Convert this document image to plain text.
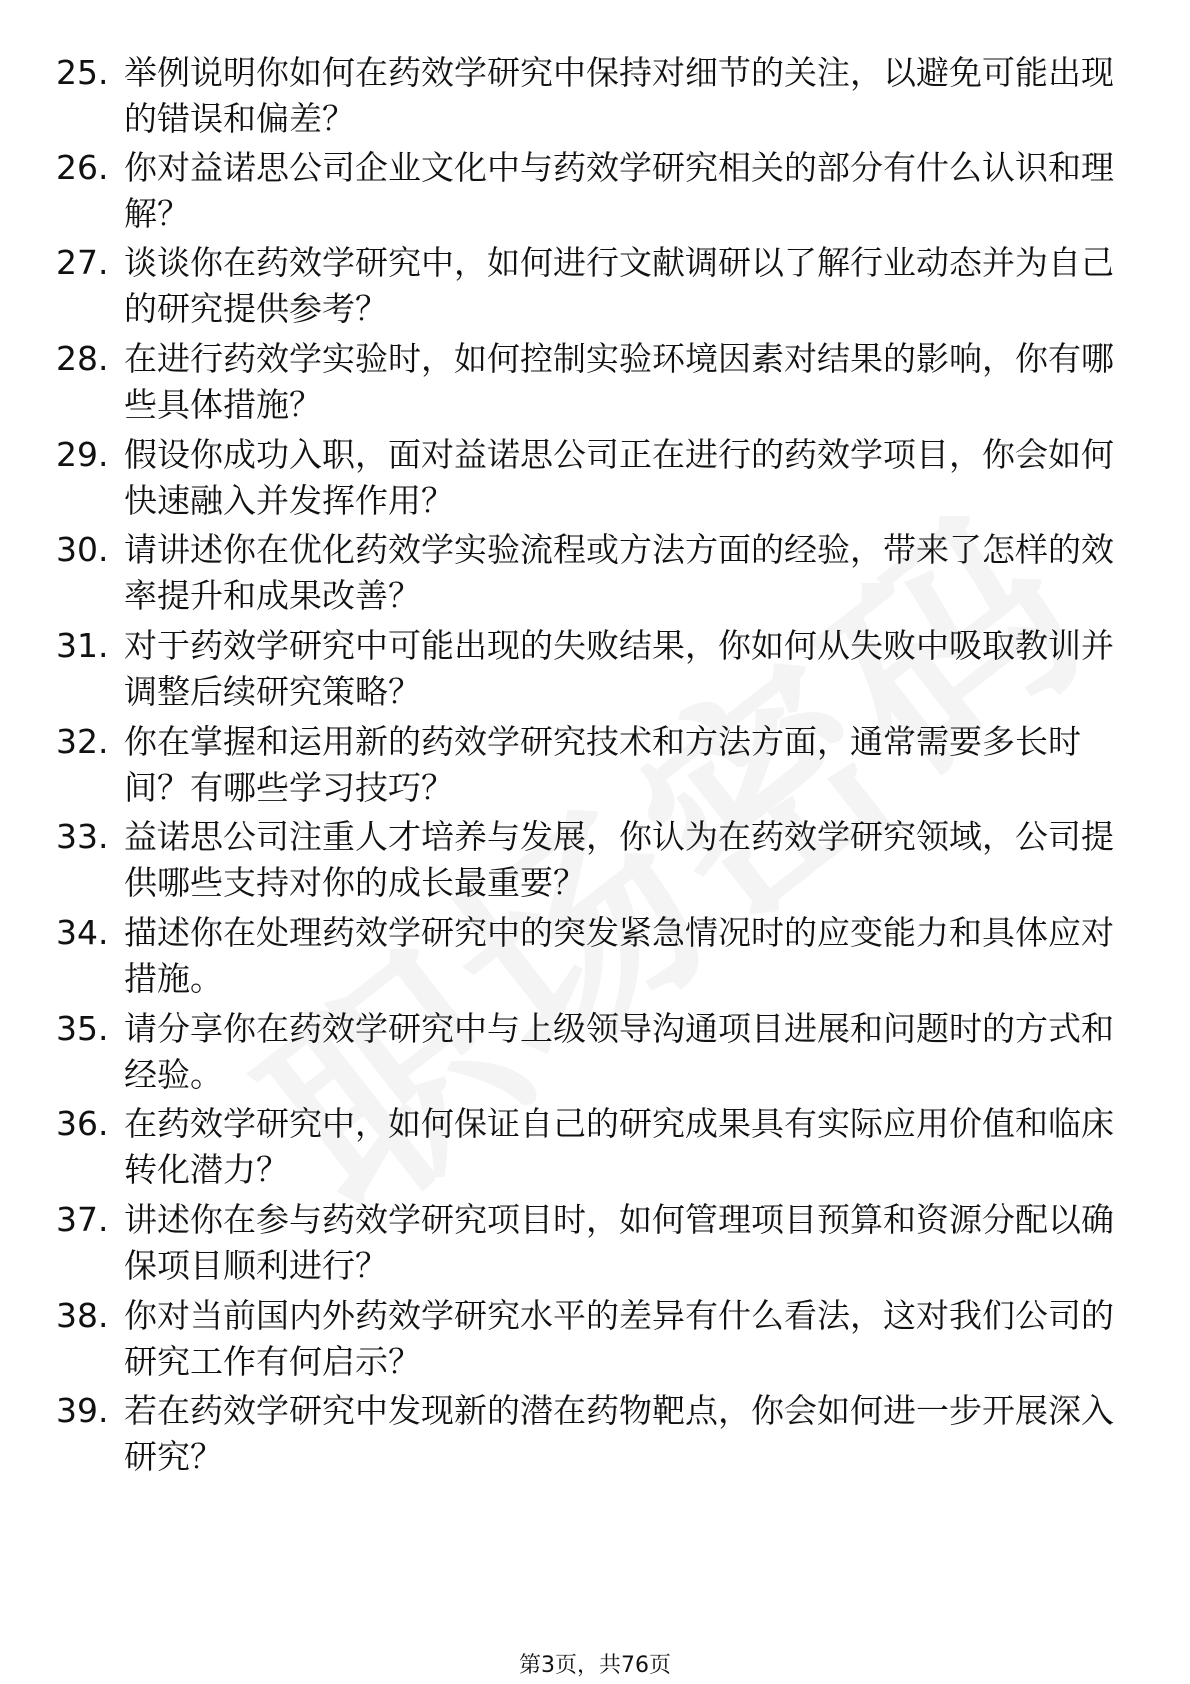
25. 举例说明你如何在药效学研究中保持对细节的关注，以避免可能出现的错误和偏差？
26. 你对益诺思公司企业文化中与药效学研究相关的部分有什么认识和理解？
27. 谈谈你在药效学研究中，如何进行文献调研以了解行业动态并为自己的研究提供参考？
28. 在进行药效学实验时，如何控制实验环境因素对结果的影响，你有哪些具体措施？
29. 假设你成功入职，面对益诺思公司正在进行的药效学项目，你会如何快速融入并发挥作用？
30. 请讲述你在优化药效学实验流程或方法方面的经验，带来了怎样的效率提升和成果改善？
31. 对于药效学研究中可能出现的失败结果，你如何从失败中吸取教训并调整后续研究策略？
32. 你在掌握和运用新的药效学研究技术和方法方面，通常需要多长时间？有哪些学习技巧？
33. 益诺思公司注重人才培养与发展，你认为在药效学研究领域，公司提供哪些支持对你的成长最重要？
34. 描述你在处理药效学研究中的突发紧急情况时的应变能力和具体应对措施。
35. 请分享你在药效学研究中与上级领导沟通项目进展和问题时的方式和经验。
36. 在药效学研究中，如何保证自己的研究成果具有实际应用价值和临床转化潜力？
37. 讲述你在参与药效学研究项目时，如何管理项目预算和资源分配以确保项目顺利进行？
38. 你对当前国内外药效学研究水平的差异有什么看法，这对我们公司的研究工作有何启示？
39. 若在药效学研究中发现新的潜在药物靶点，你会如何进一步开展深入研究？
第3页，共76页
